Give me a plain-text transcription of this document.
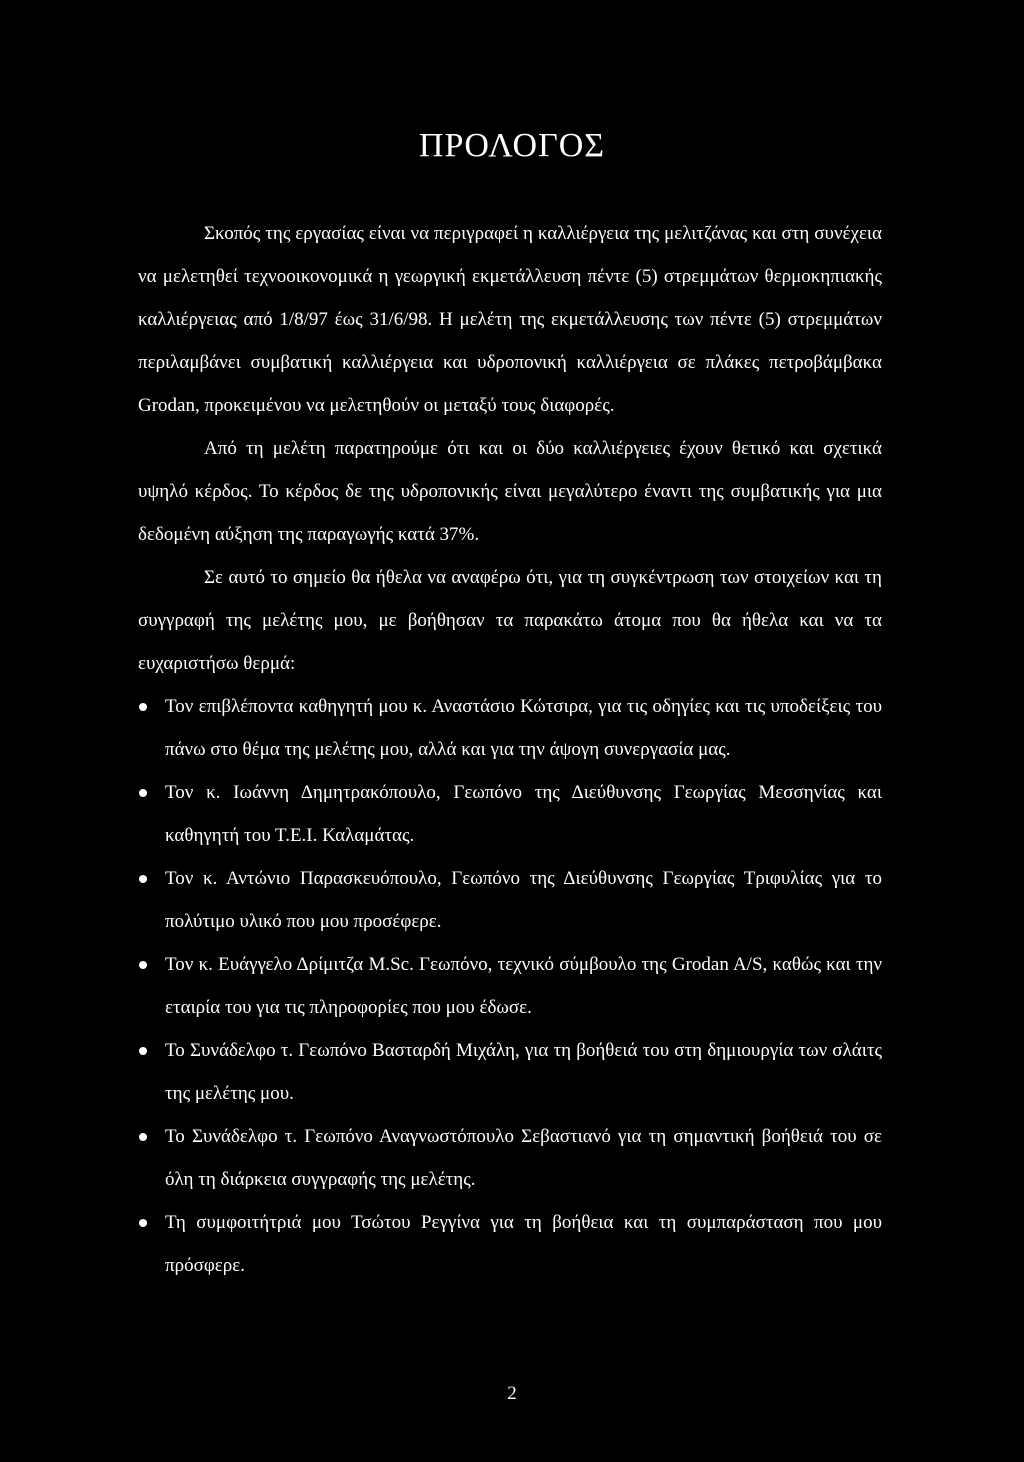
ΠΡΟΛΟΓΟΣ

Σκοπός της εργασίας είναι να περιγραφεί η καλλιέργεια της μελιτζάνας και στη συνέχεια να μελετηθεί τεχνοοικονομικά η γεωργική εκμετάλλευση πέντε (5) στρεμμάτων θερμοκηπιακής καλλιέργειας από 1/8/97 έως 31/6/98. Η μελέτη της εκμετάλλευσης των πέντε (5) στρεμμάτων περιλαμβάνει συμβατική καλλιέργεια και υδροπονική καλλιέργεια σε πλάκες πετροβάμβακα Grodan, προκειμένου να μελετηθούν οι μεταξύ τους διαφορές.

Από τη μελέτη παρατηρούμε ότι και οι δύο καλλιέργειες έχουν θετικό και σχετικά υψηλό κέρδος. Το κέρδος δε της υδροπονικής είναι μεγαλύτερο έναντι της συμβατικής για μια δεδομένη αύξηση της παραγωγής κατά 37%.

Σε αυτό το σημείο θα ήθελα να αναφέρω ότι, για τη συγκέντρωση των στοιχείων και τη συγγραφή της μελέτης μου, με βοήθησαν τα παρακάτω άτομα που θα ήθελα και να τα ευχαριστήσω θερμά:

Τον επιβλέποντα καθηγητή μου κ. Αναστάσιο Κώτσιρα, για τις οδηγίες και τις υποδείξεις του πάνω στο θέμα της μελέτης μου, αλλά και για την άψογη συνεργασία μας.
Τον κ. Ιωάννη Δημητρακόπουλο, Γεωπόνο της Διεύθυνσης Γεωργίας Μεσσηνίας και καθηγητή του Τ.Ε.Ι. Καλαμάτας.
Τον κ. Αντώνιο Παρασκευόπουλο, Γεωπόνο της Διεύθυνσης Γεωργίας Τριφυλίας για το πολύτιμο υλικό που μου προσέφερε.
Τον κ. Ευάγγελο Δρίμιτζα M.Sc. Γεωπόνο, τεχνικό σύμβουλο της Grodan A/S, καθώς και την εταιρία του για τις πληροφορίες που μου έδωσε.
Το Συνάδελφο τ. Γεωπόνο Βασταρδή Μιχάλη, για τη βοήθειά του στη δημιουργία των σλάιτς της μελέτης μου.
Το Συνάδελφο τ. Γεωπόνο Αναγνωστόπουλο Σεβαστιανό για τη σημαντική βοήθειά του σε όλη τη διάρκεια συγγραφής της μελέτης.
Τη συμφοιτήτριά μου Τσώτου Ρεγγίνα για τη βοήθεια και τη συμπαράσταση που μου πρόσφερε.
2
